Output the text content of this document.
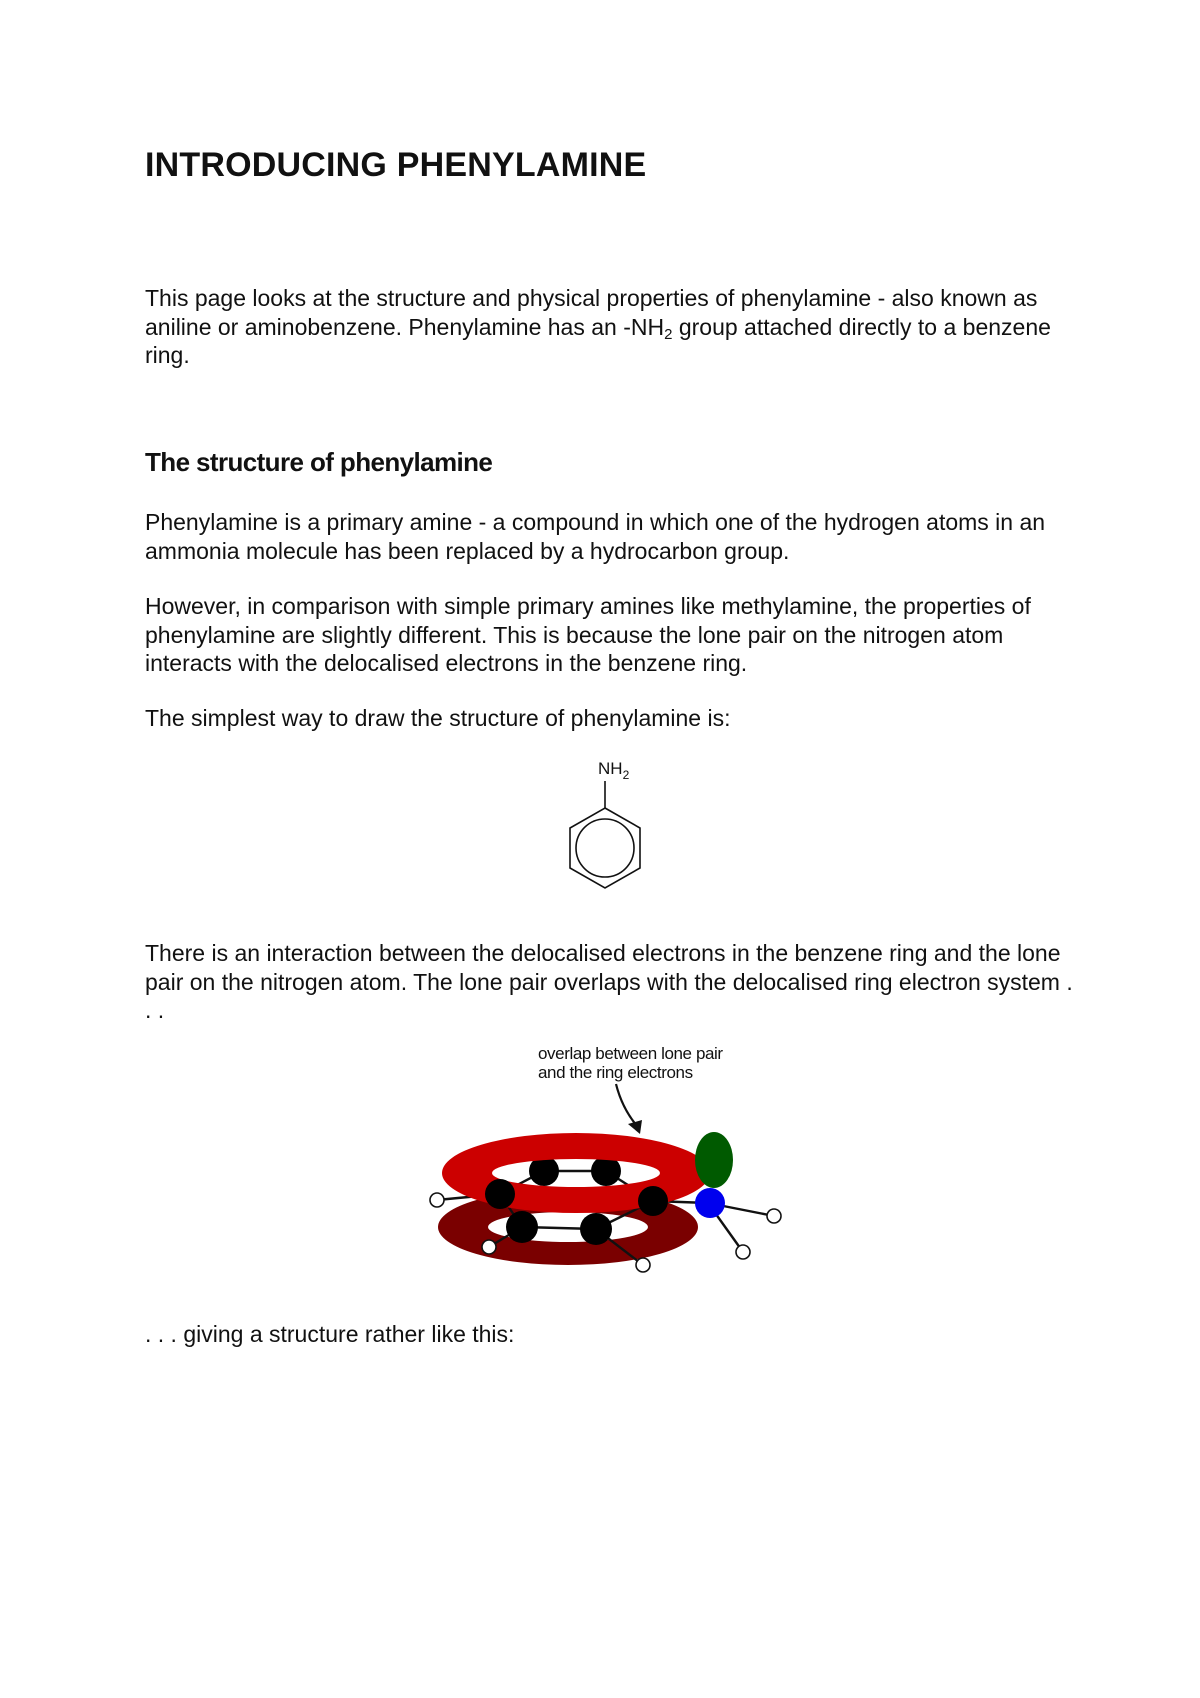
INTRODUCING PHENYLAMINE

This page looks at the structure and physical properties of phenylamine - also known as aniline or aminobenzene. Phenylamine has an $-NH_2$ group attached directly to a benzene ring.

The structure of phenylamine

Phenylamine is a primary amine - a compound in which one of the hydrogen atoms in an ammonia molecule has been replaced by a hydrocarbon group.

However, in comparison with simple primary amines like methylamine, the properties of phenylamine are slightly different. This is because the lone pair on the nitrogen atom interacts with the delocalised electrons in the benzene ring.

The simplest way to draw the structure of phenylamine is:

$NH_2$

There is an interaction between the delocalised electrons in the benzene ring and the lone pair on the nitrogen atom. The lone pair overlaps with the delocalised ring electron system . . .

overlap between lone pair
and the ring electrons

. . . giving a structure rather like this:
